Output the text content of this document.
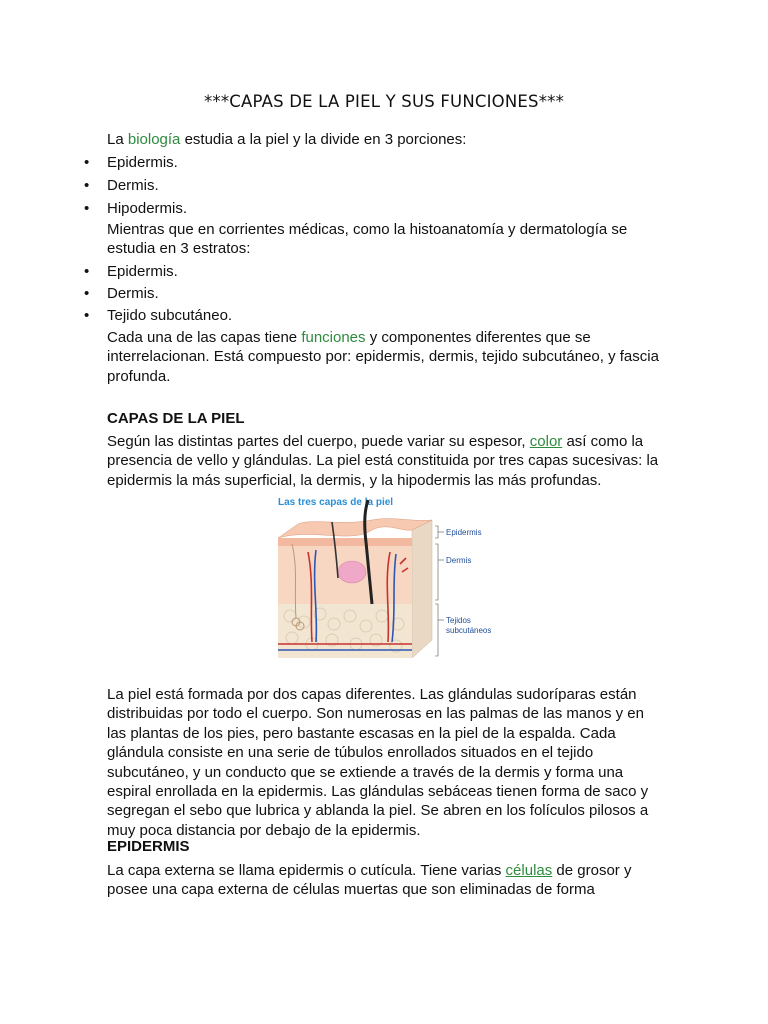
***CAPAS DE LA PIEL Y SUS FUNCIONES***

La biología estudia a la piel y la divide en 3 porciones:

• Epidermis.
• Dermis.
• Hipodermis.

Mientras que en corrientes médicas, como la histoanatomía y dermatología se estudia en 3 estratos:

• Epidermis.
• Dermis.
• Tejido subcutáneo.

Cada una de las capas tiene funciones y componentes diferentes que se interrelacionan. Está compuesto por: epidermis, dermis, tejido subcutáneo, y fascia profunda.

CAPAS DE LA PIEL

Según las distintas partes del cuerpo, puede variar su espesor, color así como la presencia de vello y glándulas. La piel está constituida por tres capas sucesivas: la epidermis la más superficial, la dermis, y la hipodermis las más profundas.

Las tres capas de la piel
Epidermis
Dermis
Tejidos
subcutáneos

La piel está formada por dos capas diferentes. Las glándulas sudoríparas están distribuidas por todo el cuerpo. Son numerosas en las palmas de las manos y en las plantas de los pies, pero bastante escasas en la piel de la espalda. Cada glándula consiste en una serie de túbulos enrollados situados en el tejido subcutáneo, y un conducto que se extiende a través de la dermis y forma una espiral enrollada en la epidermis. Las glándulas sebáceas tienen forma de saco y segregan el sebo que lubrica y ablanda la piel. Se abren en los folículos pilosos a muy poca distancia por debajo de la epidermis.

EPIDERMIS

La capa externa se llama epidermis o cutícula. Tiene varias células de grosor y posee una capa externa de células muertas que son eliminadas de forma
